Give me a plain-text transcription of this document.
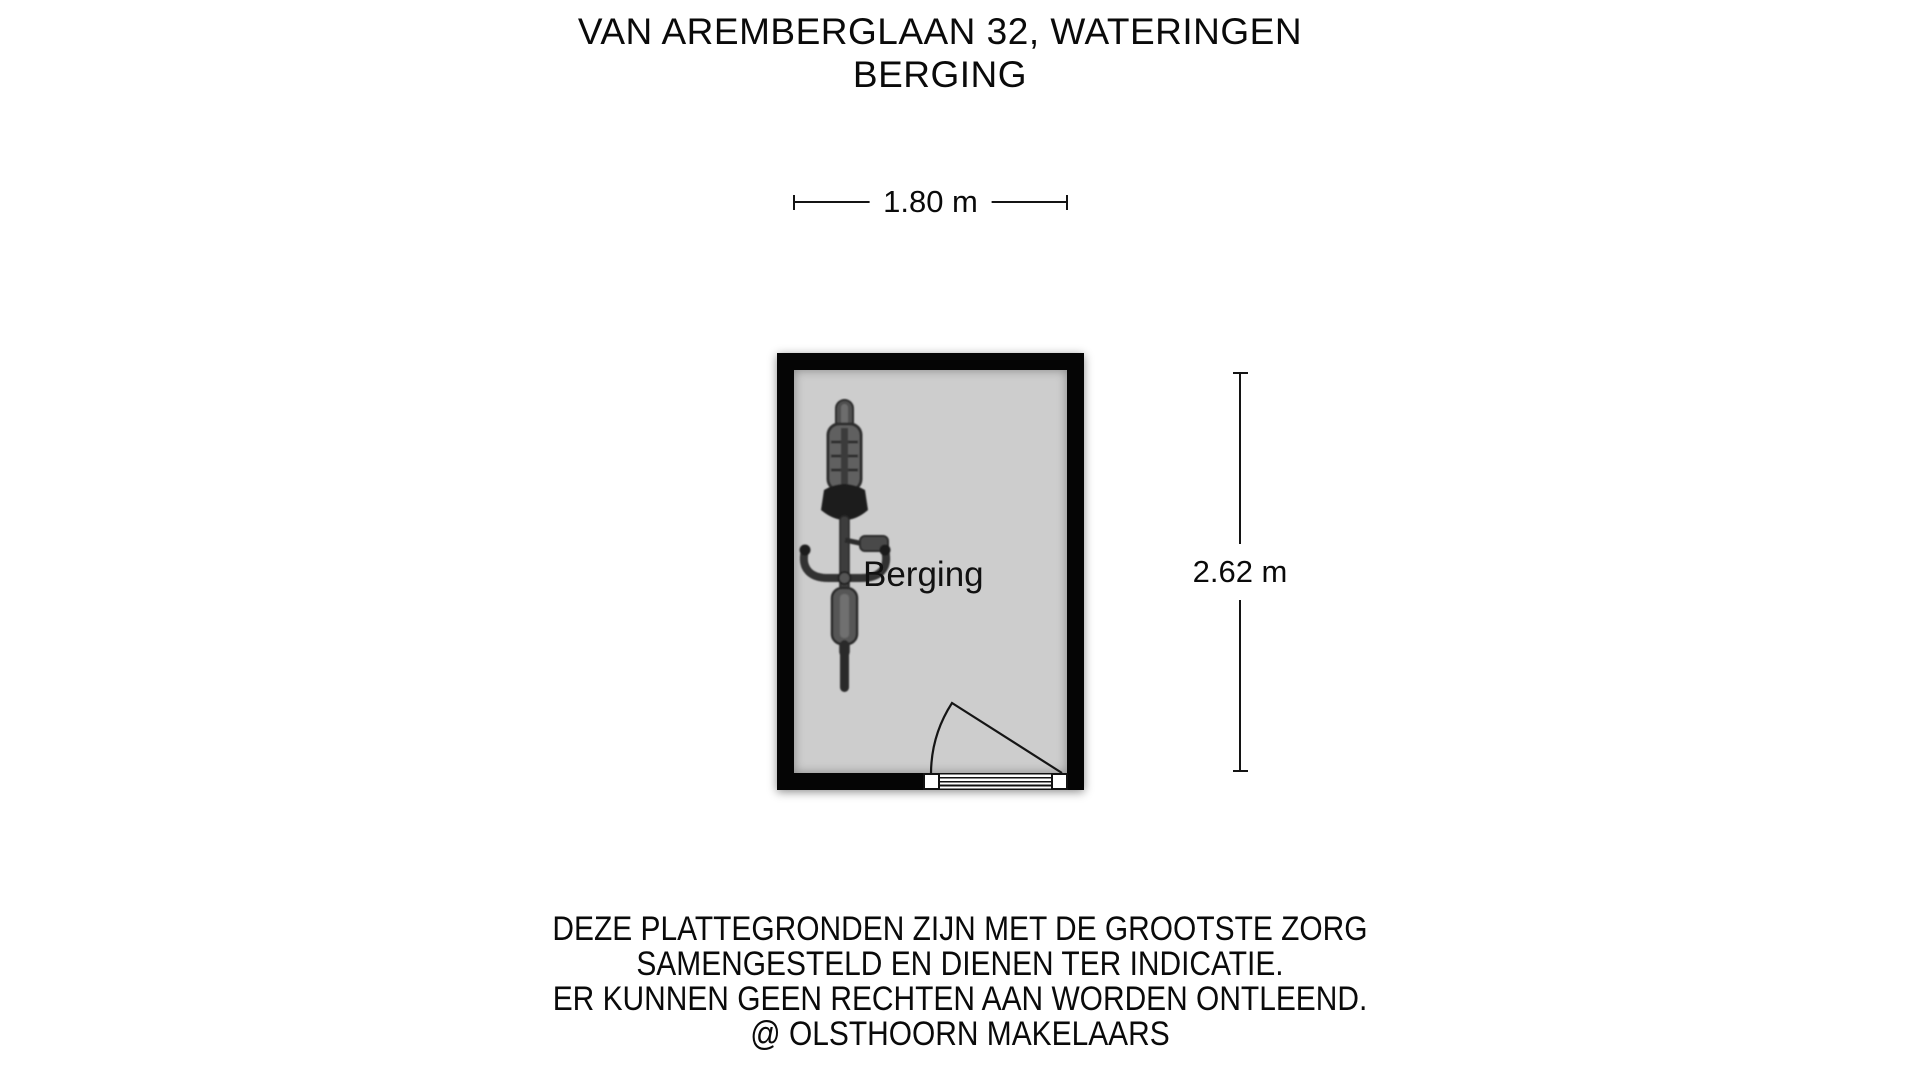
VAN AREMBERGLAAN 32, WATERINGEN
BERGING
1.80 m
Berging	2.62 m
DEZE PLATTEGRONDEN ZIJN MET DE GROOTSTE ZORG
SAMENGESTELD EN DIENEN TER INDICATIE.
ER KUNNEN GEEN RECHTEN AAN WORDEN ONTLEEND.
@ OLSTHOORN MAKELAARS
